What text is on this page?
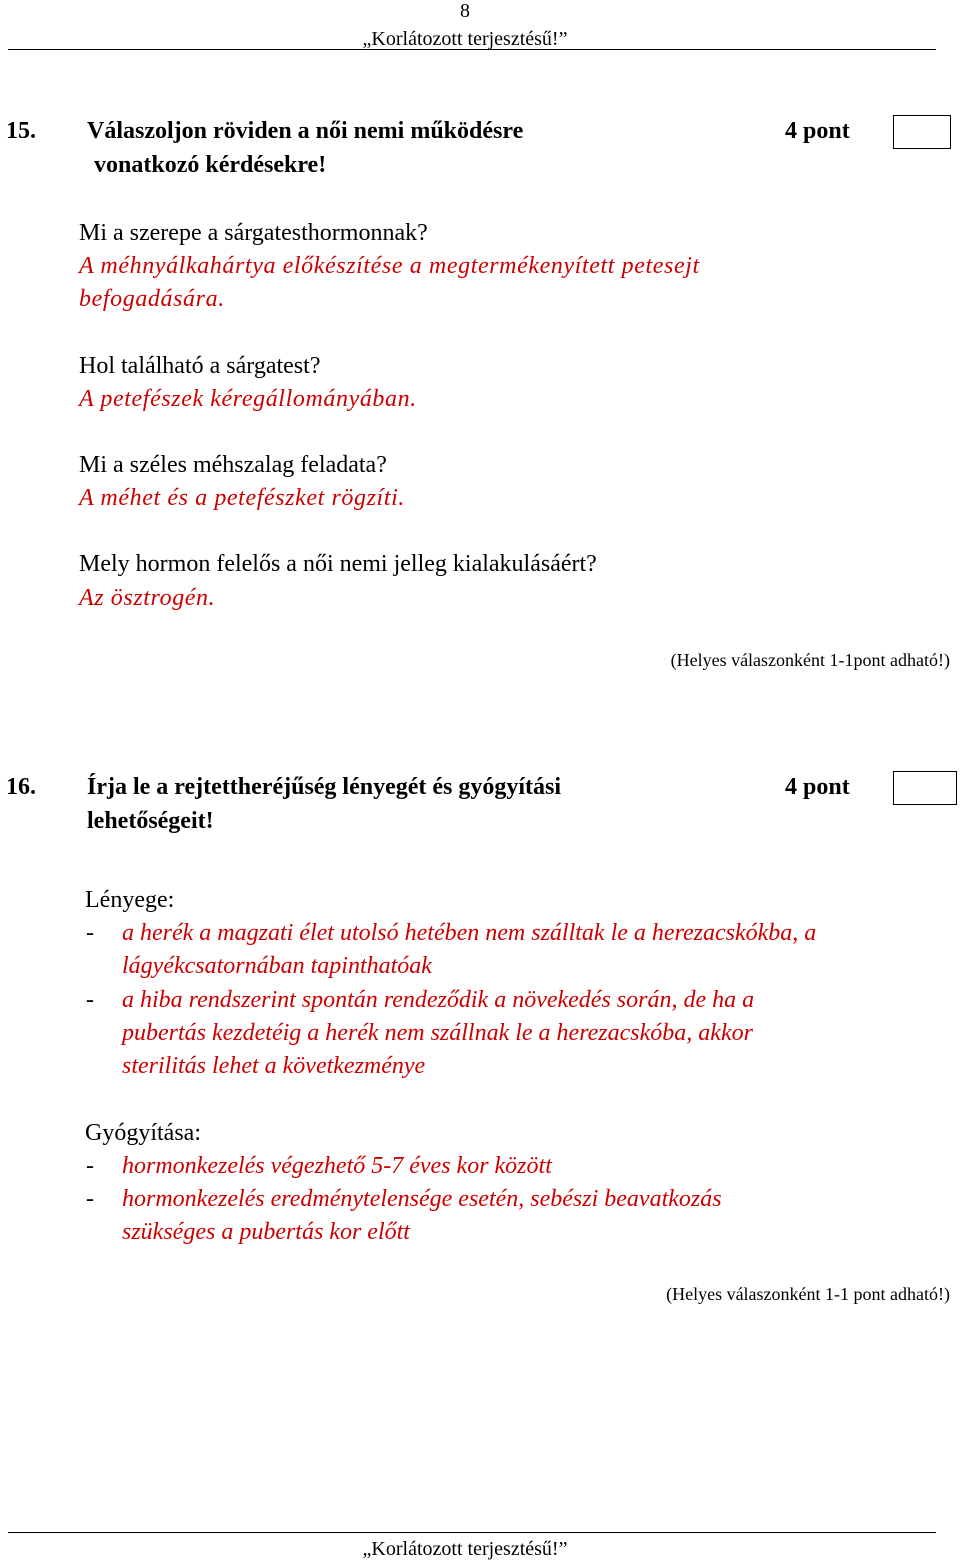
8
„Korlátozott terjesztésű!”
15. Válaszoljon röviden a női nemi működésre
vonatkozó kérdésekre!
4 pont
Mi a szerepe a sárgatesthormonnak?
A méhnyálkahártya előkészítése a megtermékenyített petesejt
befogadására.
Hol található a sárgatest?
A petefészek kéregállományában.
Mi a széles méhszalag feladata?
A méhet és a petefészket rögzíti.
Mely hormon felelős a női nemi jelleg kialakulásáért?
Az ösztrogén.
(Helyes válaszonként 1-1pont adható!)
16. Írja le a rejtettheréjűség lényegét és gyógyítási
lehetőségeit!
4 pont
Lényege:
- a herék a magzati élet utolsó hetében nem szálltak le a herezacskókba, a
lágyékcsatornában tapinthatóak
- a hiba rendszerint spontán rendeződik a növekedés során, de ha a
pubertás kezdetéig a herék nem szállnak le a herezacskóba, akkor
sterilitás lehet a következménye
Gyógyítása:
- hormonkezelés végezhető 5-7 éves kor között
- hormonkezelés eredménytelensége esetén, sebészi beavatkozás
szükséges a pubertás kor előtt
(Helyes válaszonként 1-1 pont adható!)
„Korlátozott terjesztésű!”
